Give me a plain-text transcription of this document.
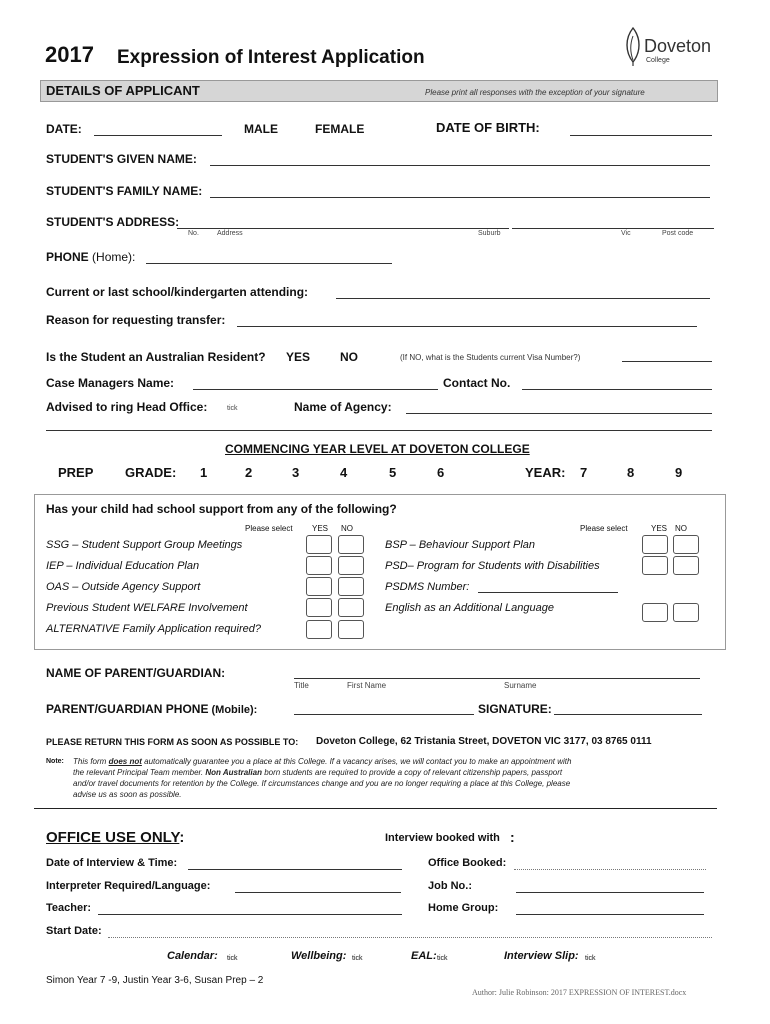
2017 Expression of Interest Application
Doveton
College
DETAILS OF APPLICANT	Please print all responses with the exception of your signature
DATE:	MALE	FEMALE	DATE OF BIRTH:
STUDENT'S GIVEN NAME:
STUDENT'S FAMILY NAME:
STUDENT'S ADDRESS:
No.	Address	Suburb	Vic	Post code
PHONE (Home):
Current or last school/kindergarten attending:
Reason for requesting transfer:
Is the Student an Australian Resident? YES NO	(If NO, what is the Students current Visa Number?)
Case Managers Name:	Contact No.
Advised to ring Head Office:	tick	Name of Agency:
COMMENCING YEAR LEVEL AT DOVETON COLLEGE
PREP GRADE: 1	2	3	4	5	6	YEAR: 7	8	9
Has your child had school support from any of the following?
Please select YES NO	Please select	YES NO
SSG – Student Support Group Meetings
IEP – Individual Education Plan
OAS – Outside Agency Support
Previous Student WELFARE Involvement
ALTERNATIVE Family Application required?
BSP – Behaviour Support Plan
PSD– Program for Students with Disabilities
PSDMS Number:
English as an Additional Language
NAME OF PARENT/GUARDIAN:
Title	First Name	Surname
PARENT/GUARDIAN PHONE (Mobile):	SIGNATURE:
PLEASE RETURN THIS FORM AS SOON AS POSSIBLE TO: Doveton College, 62 Tristania Street, DOVETON VIC 3177, 03 8765 0111
Note: This form does not automatically guarantee you a place at this College. If a vacancy arises, we will contact you to make an appointment with
the relevant Principal Team member. Non Australian born students are required to provide a copy of relevant citizenship papers, passport
and/or travel documents for retention by the College. If circumstances change and you are no longer requiring a place at this College, please
advise us as soon as possible.
OFFICE USE ONLY:	Interview booked with :
Date of Interview & Time:	Office Booked:
Interpreter Required/Language:	Job No.:
Teacher:	Home Group:
Start Date:
Calendar: tick	Wellbeing: tick	EAL: tick	Interview Slip: tick
Simon Year 7 -9, Justin Year 3-6, Susan Prep – 2
Author: Julie Robinson: 2017 EXPRESSION OF INTEREST.docx
